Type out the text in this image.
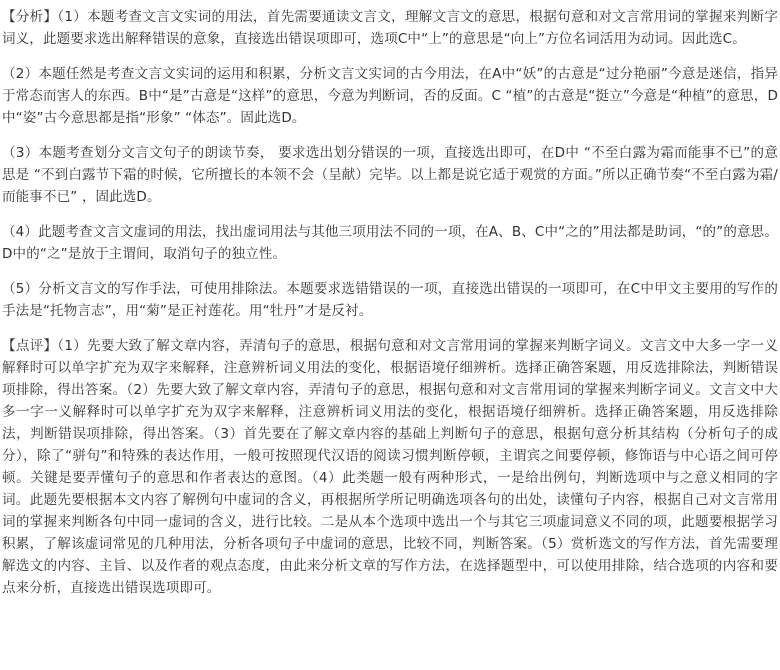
【分析】（1）本题考查文言文实词的用法，首先需要通读文言文，理解文言文的意思，根据句意和对文言常用词的掌握来判断字词义，此题要求选出解释错误的意象，直接选出错误项即可，选项C中“上”的意思是“向上”方位名词活用为动词。因此选C。

（2）本题任然是考查文言文实词的运用和积累，分析文言文实词的古今用法，在A中“妖”的古意是“过分艳丽”今意是迷信，指异于常态而害人的东西。B中“是”古意是“这样”的意思，今意为判断词，否的反面。C “植”的古意是“挺立”今意是“种植”的意思，D中“姿”古今意思都是指“形象” “体态”。固此选D。

（3）本题考查划分文言文句子的朗读节奏， 要求选出划分错误的一项，直接选出即可，在D中 “不至白露为霜而能事不已”的意思是 “不到白露节下霜的时候，它所擅长的本领不会（呈献）完毕。以上都是说它适于观赏的方面。”所以正确节奏“不至白露为霜/而能事不已” ，固此选D。

（4）此题考查文言文虚词的用法，找出虚词用法与其他三项用法不同的一项，在A、B、C中“之的”用法都是助词，“的”的意思。D中的“之”是放于主谓间，取消句子的独立性。

（5）分析文言文的写作手法，可使用排除法。本题要求选错错误的一项，直接选出错误的一项即可，在C中甲文主要用的写作的手法是“托物言志”，用“菊”是正衬莲花。用“牡丹”才是反衬。

【点评】（1）先要大致了解文章内容，弄清句子的意思，根据句意和对文言常用词的掌握来判断字词义。文言文中大多一字一义解释时可以单字扩充为双字来解释，注意辨析词义用法的变化，根据语境仔细辨析。选择正确答案题，用反选排除法，判断错误项排除，得出答案。（2）先要大致了解文章内容，弄清句子的意思，根据句意和对文言常用词的掌握来判断字词义。文言文中大多一字一义解释时可以单字扩充为双字来解释，注意辨析词义用法的变化，根据语境仔细辨析。选择正确答案题，用反选排除法，判断错误项排除，得出答案。（3）首先要在了解文章内容的基础上判断句子的意思，根据句意分析其结构（分析句子的成分），除了“骈句”和特殊的表达作用，一般可按照现代汉语的阅读习惯判断停顿，主谓宾之间要停顿，修饰语与中心语之间可停顿。关键是要弄懂句子的意思和作者表达的意图。（4）此类题一般有两种形式，一是给出例句，判断选项中与之意义相同的字词。此题先要根据本文内容了解例句中虚词的含义，再根据所学所记明确选项各句的出处，读懂句子内容，根据自己对文言常用词的掌握来判断各句中同一虚词的含义，进行比较。二是从本个选项中选出一个与其它三项虚词意义不同的项，此题要根据学习积累，了解该虚词常见的几种用法，分析各项句子中虚词的意思，比较不同，判断答案。（5）赏析选文的写作方法，首先需要理解选文的内容、主旨、以及作者的观点态度，由此来分析文章的写作方法，在选择题型中，可以使用排除，结合选项的内容和要点来分析，直接选出错误选项即可。
